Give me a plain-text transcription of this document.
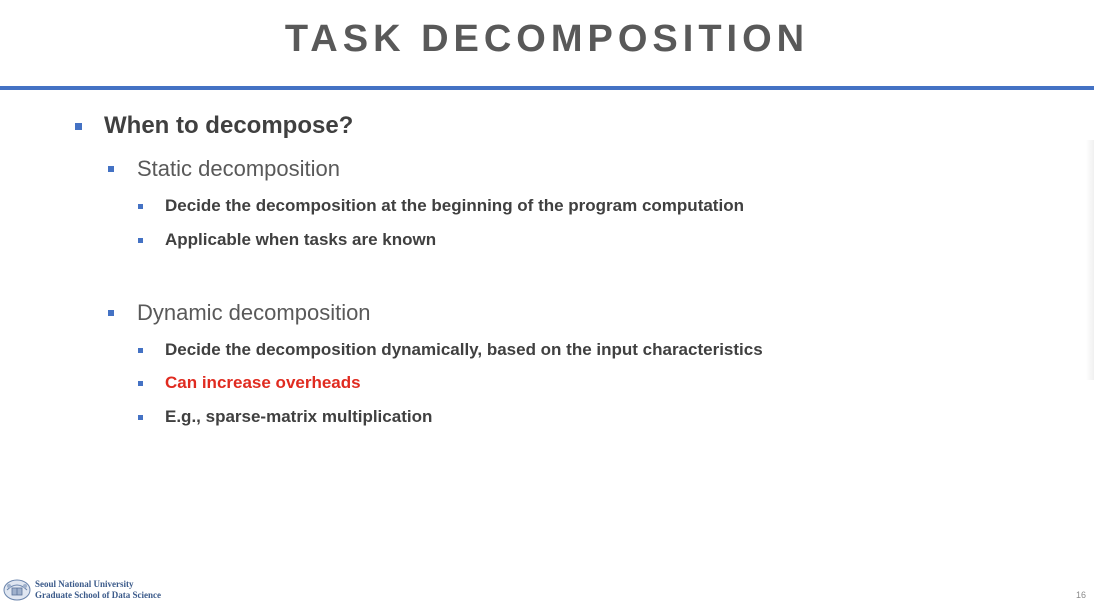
TASK DECOMPOSITION
When to decompose?
Static decomposition
Decide the decomposition at the beginning of the program computation
Applicable when tasks are known
Dynamic decomposition
Decide the decomposition dynamically, based on the input characteristics
Can increase overheads
E.g., sparse-matrix multiplication
Seoul National University
Graduate School of Data Science	16
